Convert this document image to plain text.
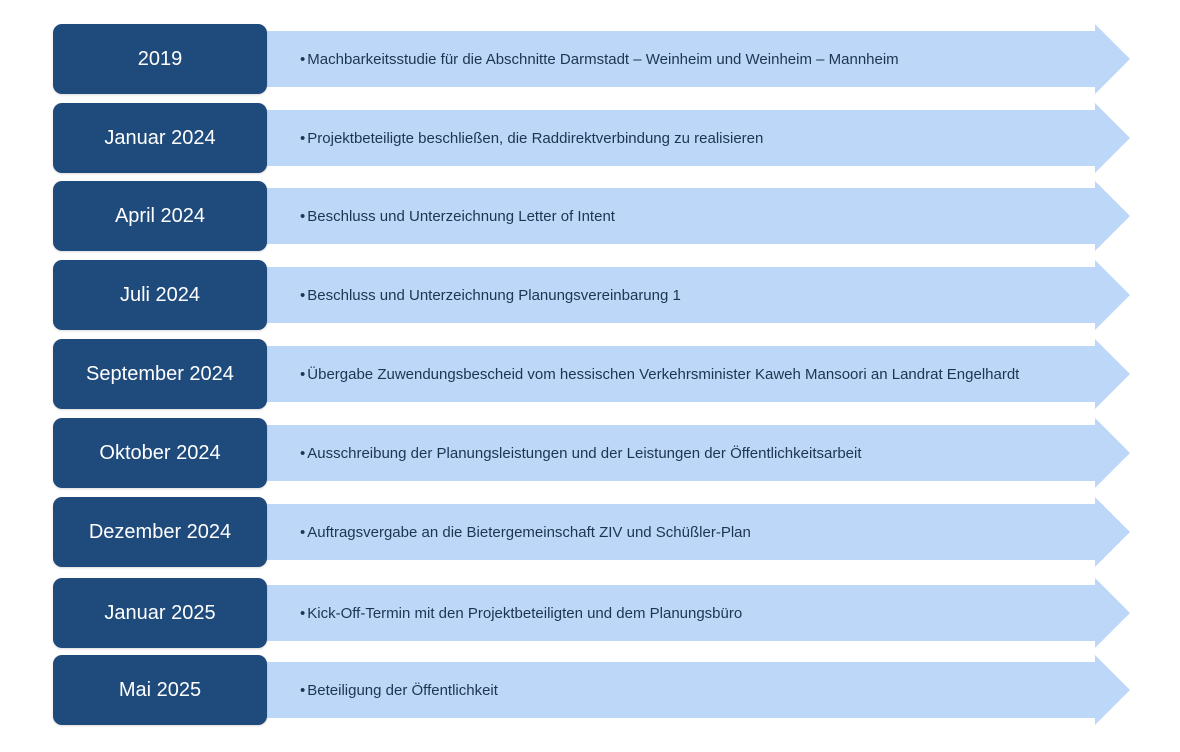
2019	• Machbarkeitsstudie für die Abschnitte Darmstadt – Weinheim und Weinheim – Mannheim
Januar 2024	• Projektbeteiligte beschließen, die Raddirektverbindung zu realisieren
April 2024	• Beschluss und Unterzeichnung Letter of Intent
Juli 2024	• Beschluss und Unterzeichnung Planungsvereinbarung 1
September 2024	• Übergabe Zuwendungsbescheid vom hessischen Verkehrsminister Kaweh Mansoori an Landrat Engelhardt
Oktober 2024	• Ausschreibung der Planungsleistungen und der Leistungen der Öffentlichkeitsarbeit
Dezember 2024	• Auftragsvergabe an die Bietergemeinschaft ZIV und Schüßler-Plan
Januar 2025	• Kick-Off-Termin mit den Projektbeteiligten und dem Planungsbüro
Mai 2025	• Beteiligung der Öffentlichkeit
